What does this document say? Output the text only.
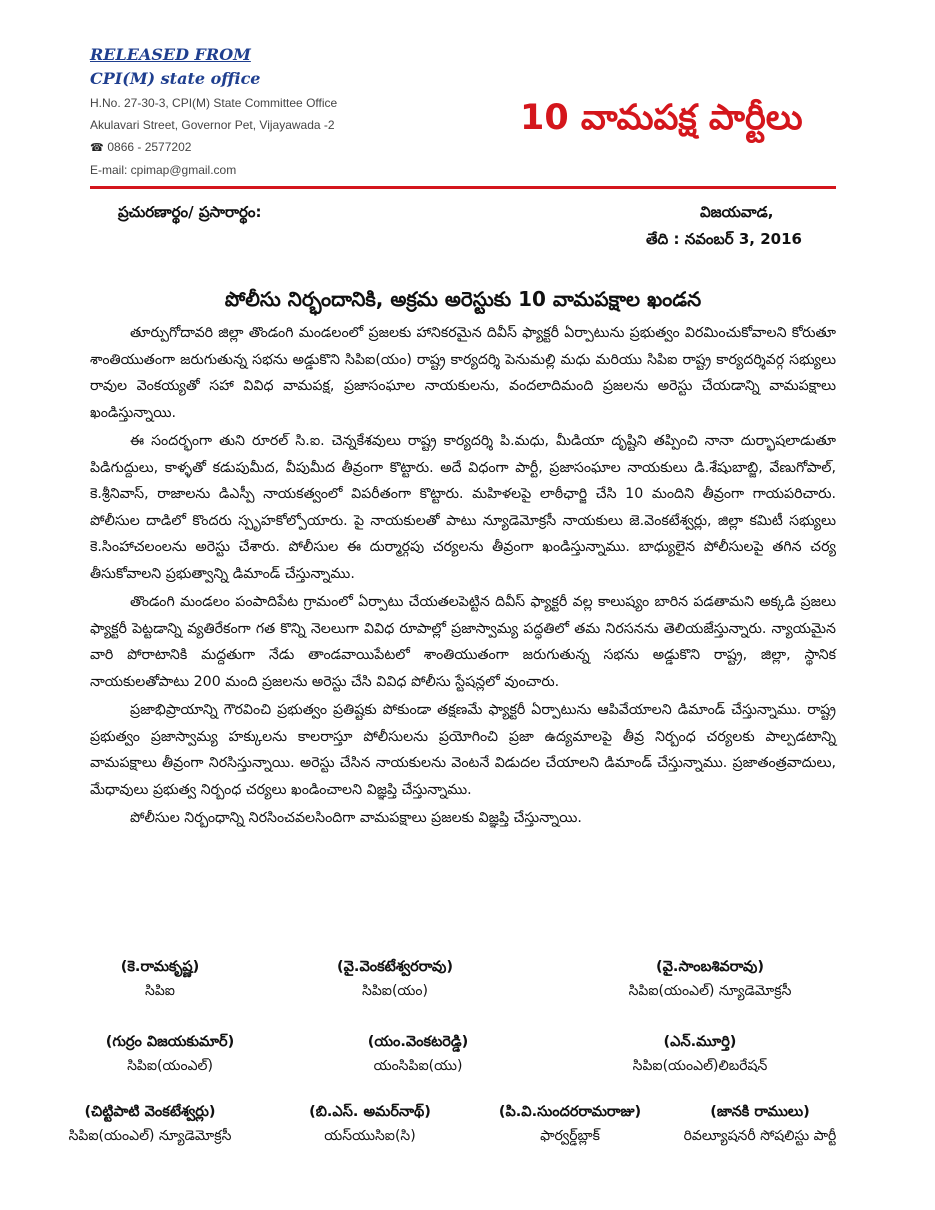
RELEASED FROM
CPI(M) state office
H.No. 27-30-3, CPI(M) State Committee Office
Akulavari Street, Governor Pet, Vijayawada -2
☎ 0866 - 2577202
E-mail: cpimap@gmail.com
10 వామపక్ష పార్టీలు
ప్రచురణార్థం/ ప్రసారార్థం:	విజయవాడ,
తేది : నవంబర్ 3, 2016
పోలీసు నిర్భందానికి, అక్రమ అరెస్టుకు 10 వామపక్షాల ఖండన

తూర్పుగోదావరి జిల్లా తొండంగి మండలంలో ప్రజలకు హానికరమైన దివీస్ ఫ్యాక్టరీ ఏర్పాటును ప్రభుత్వం విరమించుకోవాలని కోరుతూ శాంతియుతంగా జరుగుతున్న సభను అడ్డుకొని సిపిఐ(యం) రాష్ట్ర కార్యదర్శి పెనుమల్లి మధు మరియు సిపిఐ రాష్ట్ర కార్యదర్శివర్గ సభ్యులు రావుల వెంకయ్యతో సహా వివిధ వామపక్ష, ప్రజాసంఘాల నాయకులను, వందలాదిమంది ప్రజలను అరెస్టు చేయడాన్ని వామపక్షాలు ఖండిస్తున్నాయి.

ఈ సందర్భంగా తుని రూరల్ సి.ఐ. చెన్నకేశవులు రాష్ట్ర కార్యదర్శి పి.మధు, మీడియా దృష్టిని తప్పించి నానా దుర్భాషలాడుతూ పిడిగుద్దులు, కాళ్ళతో కడుపుమీద, వీపుమీద తీవ్రంగా కొట్టారు. అదే విధంగా పార్టీ, ప్రజాసంఘాల నాయకులు డి.శేషుబాబ్జి, వేణుగోపాల్, కె.శ్రీనివాస్, రాజాలను డిఎస్పీ నాయకత్వంలో విపరీతంగా కొట్టారు. మహిళలపై లాఠీఛార్జి చేసి 10 మందిని తీవ్రంగా గాయపరిచారు. పోలీసుల దాడిలో కొందరు స్పృహకోల్పోయారు. పై నాయకులతో పాటు న్యూడెమోక్రసీ నాయకులు జె.వెంకటేశ్వర్లు, జిల్లా కమిటీ సభ్యులు కె.సింహాచలంలను అరెస్టు చేశారు. పోలీసుల ఈ దుర్మార్గపు చర్యలను తీవ్రంగా ఖండిస్తున్నాము. బాధ్యులైన పోలీసులపై తగిన చర్య తీసుకోవాలని ప్రభుత్వాన్ని డిమాండ్ చేస్తున్నాము.

తొండంగి మండలం పంపాదిపేట గ్రామంలో ఏర్పాటు చేయతలపెట్టిన దివీస్ ఫ్యాక్టరీ వల్ల కాలుష్యం బారిన పడతామని అక్కడి ప్రజలు ఫ్యాక్టరీ పెట్టడాన్ని వ్యతిరేకంగా గత కొన్ని నెలలుగా వివిధ రూపాల్లో ప్రజాస్వామ్య పద్ధతిలో తమ నిరసనను తెలియజేస్తున్నారు. న్యాయమైన వారి పోరాటానికి మద్దతుగా నేడు తాండవాయిపేటలో శాంతియుతంగా జరుగుతున్న సభను అడ్డుకొని రాష్ట్ర, జిల్లా, స్థానిక నాయకులతోపాటు 200 మంది ప్రజలను అరెస్టు చేసి వివిధ పోలీసు స్టేషన్లలో వుంచారు.

ప్రజాభిప్రాయాన్ని గౌరవించి ప్రభుత్వం ప్రతిష్టకు పోకుండా తక్షణమే ఫ్యాక్టరీ ఏర్పాటును ఆపివేయాలని డిమాండ్ చేస్తున్నాము. రాష్ట్ర ప్రభుత్వం ప్రజాస్వామ్య హక్కులను కాలరాస్తూ పోలీసులను ప్రయోగించి ప్రజా ఉద్యమాలపై తీవ్ర నిర్బంధ చర్యలకు పాల్పడటాన్ని వామపక్షాలు తీవ్రంగా నిరసిస్తున్నాయి. అరెస్టు చేసిన నాయకులను వెంటనే విడుదల చేయాలని డిమాండ్ చేస్తున్నాము. ప్రజాతంత్రవాదులు, మేధావులు ప్రభుత్వ నిర్బంధ చర్యలు ఖండించాలని విజ్ఞప్తి చేస్తున్నాము.

పోలీసుల నిర్బంధాన్ని నిరసించవలసిందిగా వామపక్షాలు ప్రజలకు విజ్ఞప్తి చేస్తున్నాయి.

(కె.రామకృష్ణ)
సిపిఐ
(వై.వెంకటేశ్వరరావు)
సిపిఐ(యం)
(వై.సాంబశివరావు)
సిపిఐ(యంఎల్) న్యూడెమోక్రసీ
(గుర్రం విజయకుమార్)
సిపిఐ(యంఎల్)
(యం.వెంకటరెడ్డి)
యంసిపిఐ(యు)
(ఎన్.మూర్తి)
సిపిఐ(యంఎల్)లిబరేషన్
(చిట్టిపాటి వెంకటేశ్వర్లు)
సిపిఐ(యంఎల్) న్యూడెమోక్రసీ
(బి.ఎస్. అమర్‌నాథ్)
యస్‌యుసిఐ(సి)
(పి.వి.సుందరరామరాజు)
ఫార్వర్డ్‌బ్లాక్
(జానకి రాములు)
రివల్యూషనరీ సోషలిస్టు పార్టీ
